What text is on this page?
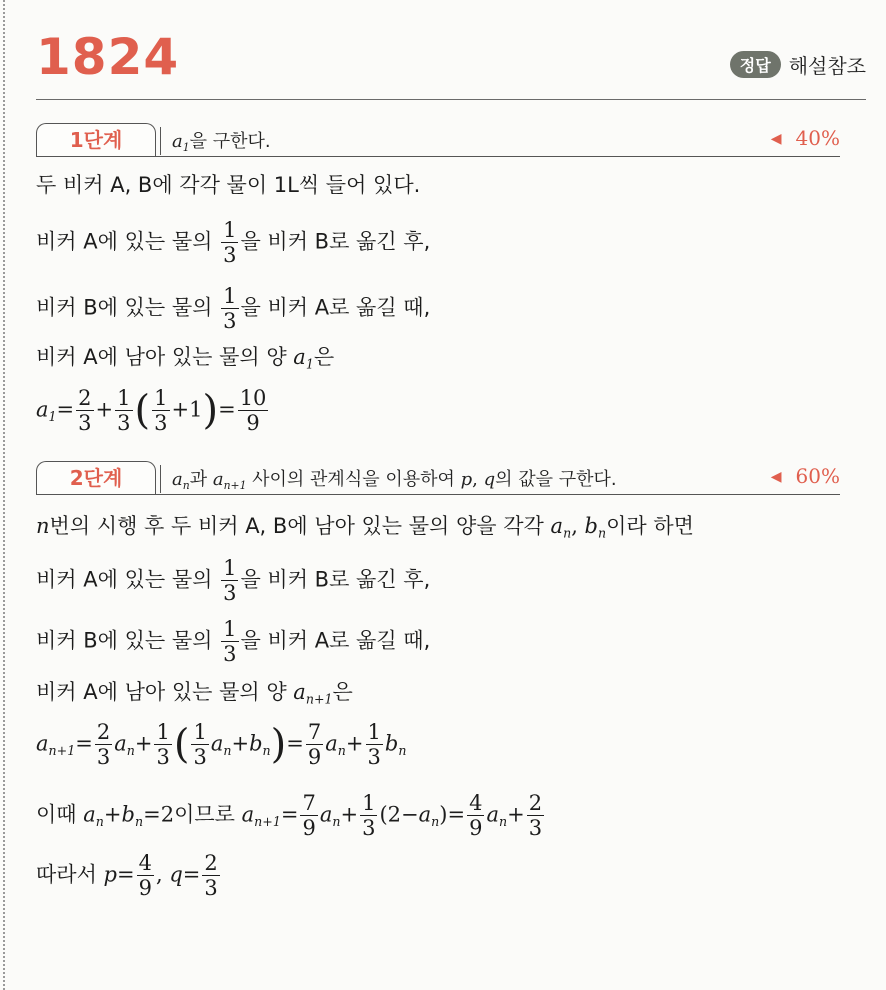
1824	정답 해설참조
1단계	$a_1$을 구한다.	◀ 40%
두 비커 A, B에 각각 물이 1L씩 들어 있다.
비커 A에 있는 물의 $\frac{1}{3}$ 을 비커 B로 옮긴 후,
비커 B에 있는 물의 $\frac{1}{3}$ 을 비커 A로 옮길 때,
비커 A에 남아 있는 물의 양 $a_1$은
$a_1= \frac{2}{3} + \frac{1}{3}$ ( $\frac{1}{3} +1)= \frac{10}{9}$
2단계	$a_n$과 $a_{n+1}$ 사이의 관계식을 이용하여 p, q의 값을 구한다.	◀ 60%
n번의 시행 후 두 비커 A, B에 남아 있는 물의 양을 각각 $a_n$, $b_n$이라 하면
비커 A에 있는 물의 $\frac{1}{3}$ 을 비커 B로 옮긴 후,
비커 B에 있는 물의 $\frac{1}{3}$ 을 비커 A로 옮길 때,
비커 A에 남아 있는 물의 양 $a_{n+1}$은
$a_{n+1}= \frac{2}{3} a_n+ \frac{1}{3}$ ( $\frac{1}{3} a_n+b_n)= \frac{7}{9} a_n+ \frac{1}{3} b_n$
이때 $a_n+b_n=2$이므로 $a_{n+1}= \frac{7}{9} a_n+ \frac{1}{3} (2-a_n)= \frac{4}{9} a_n+ \frac{2}{3}$
따라서 $p= \frac{4}{9}$ , $q= \frac{2}{3}$
